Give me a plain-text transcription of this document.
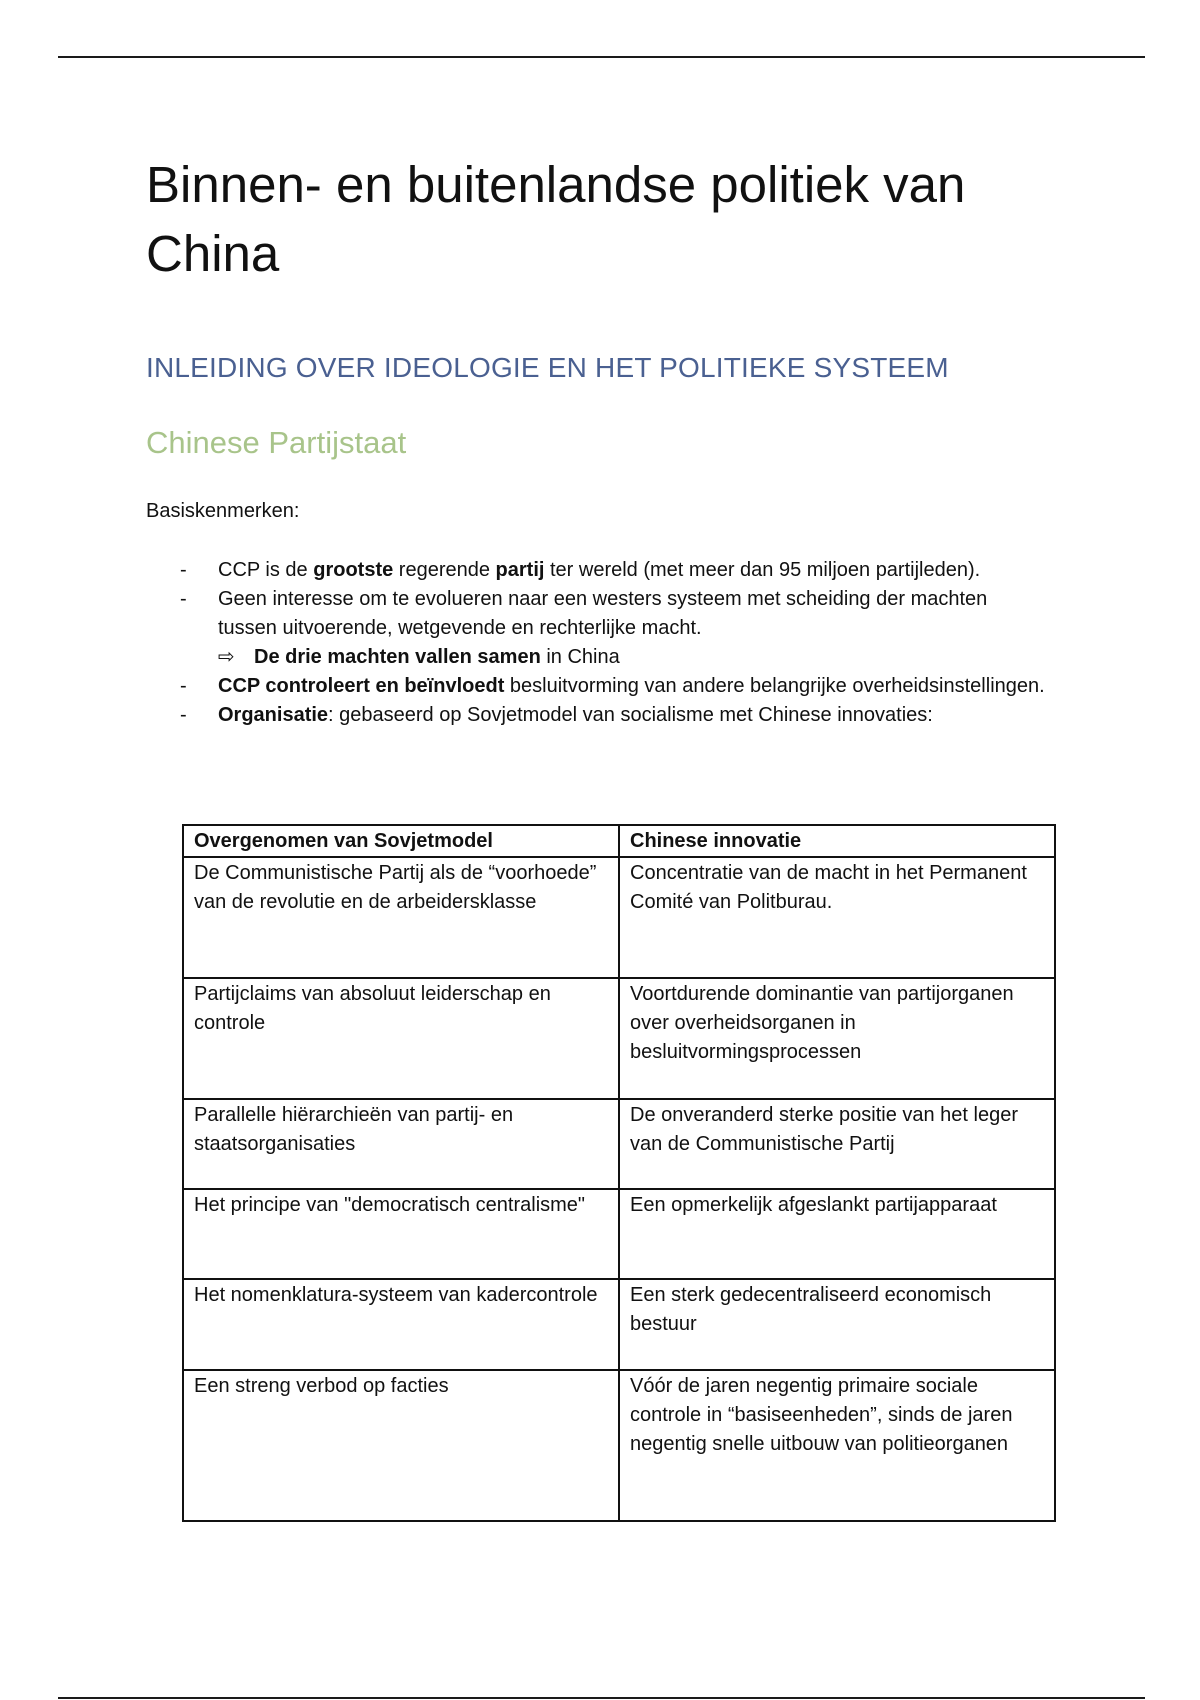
Binnen- en buitenlandse politiek van China
INLEIDING OVER IDEOLOGIE EN HET POLITIEKE SYSTEEM
Chinese Partijstaat

Basiskenmerken:

- CCP is de grootste regerende partij ter wereld (met meer dan 95 miljoen partijleden).
- Geen interesse om te evolueren naar een westers systeem met scheiding der machten tussen uitvoerende, wetgevende en rechterlijke macht.
⇨ De drie machten vallen samen in China
- CCP controleert en beïnvloedt besluitvorming van andere belangrijke overheidsinstellingen.
- Organisatie: gebaseerd op Sovjetmodel van socialisme met Chinese innovaties:
Overgenomen van Sovjetmodel	Chinese innovatie
De Communistische Partij als de “voorhoede” van de revolutie en de arbeidersklasse	Concentratie van de macht in het Permanent Comité van Politburau.
Partijclaims van absoluut leiderschap en controle	Voortdurende dominantie van partijorganen over overheidsorganen in besluitvormingsprocessen
Parallelle hiërarchieën van partij- en staatsorganisaties	De onveranderd sterke positie van het leger van de Communistische Partij
Het principe van "democratisch centralisme"	Een opmerkelijk afgeslankt partijapparaat
Het nomenklatura-systeem van kadercontrole	Een sterk gedecentraliseerd economisch bestuur
Een streng verbod op facties	Vóór de jaren negentig primaire sociale controle in “basiseenheden”, sinds de jaren negentig snelle uitbouw van politieorganen
